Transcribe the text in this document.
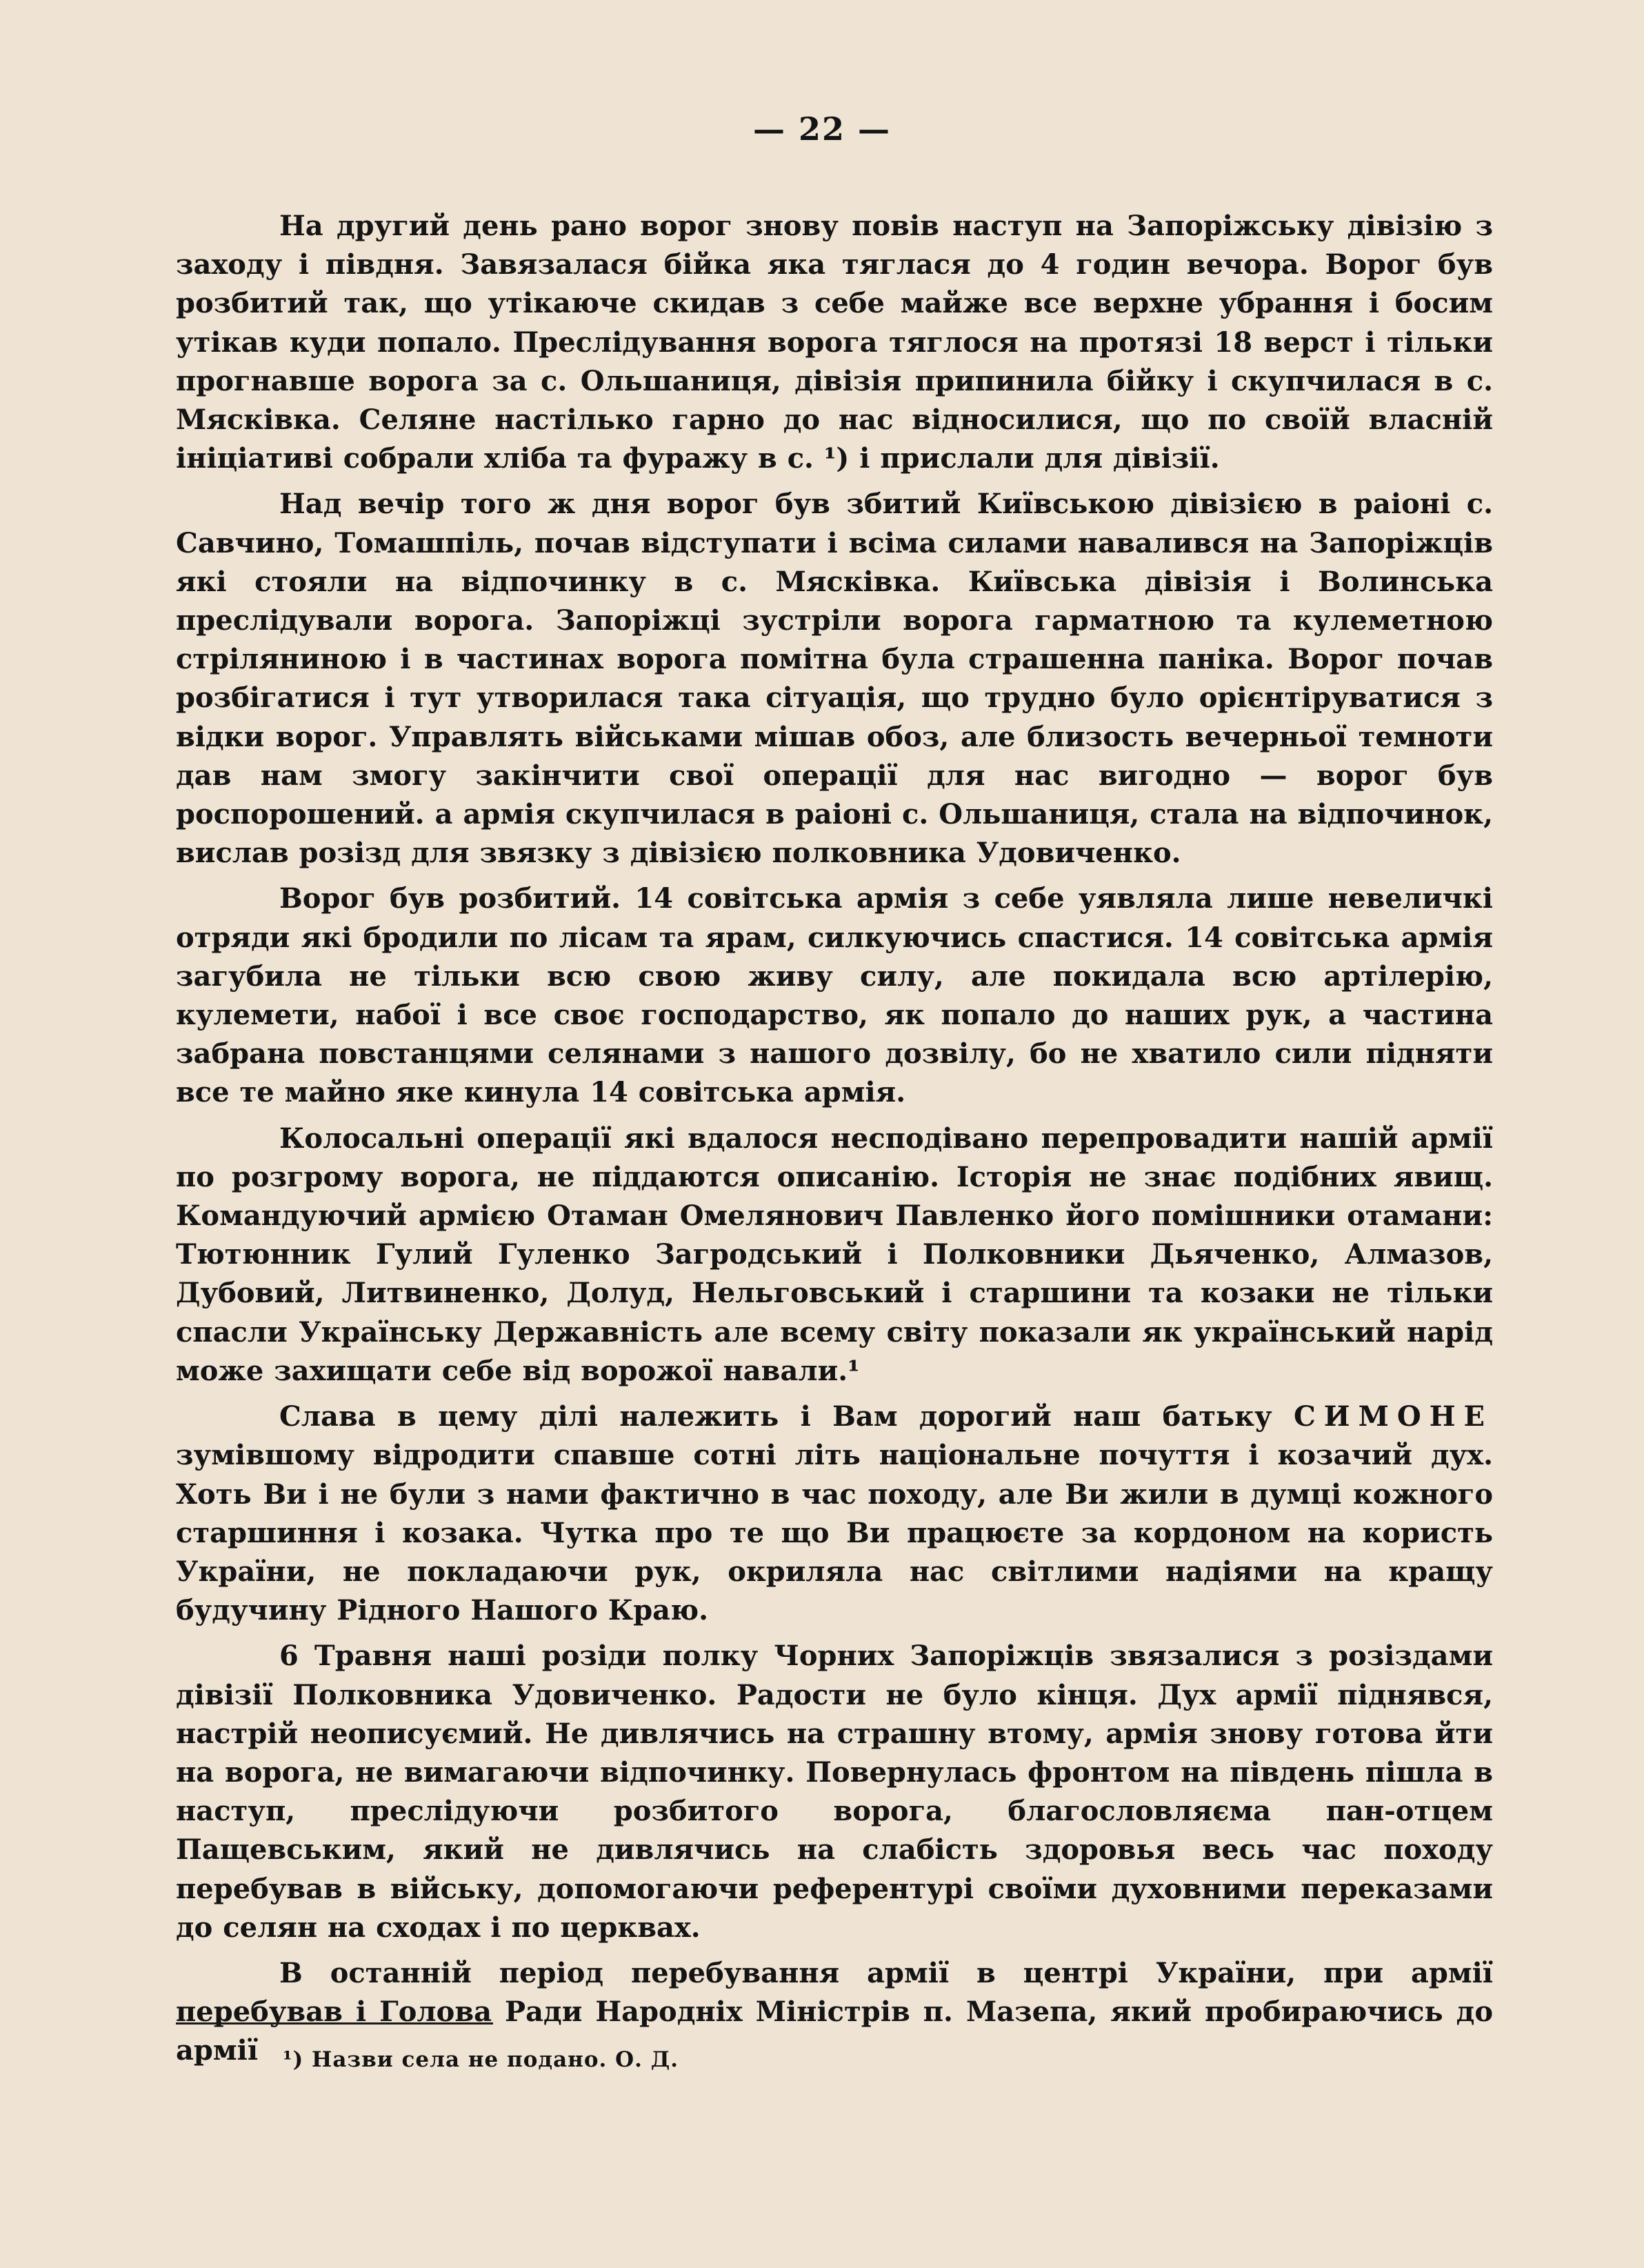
— 22 —

На другий день рано ворог знову повів наступ на Запоріжську дівізію з заходу і півдня. Завязалася бійка яка тяглася до 4 годин вечора. Ворог був розбитий так, що утікаюче скидав з себе майже все верхне убрання і босим утікав куди попало. Преслідування ворога тяглося на протязі 18 верст і тільки прогнавше ворога за с. Ольшаниця, дівізія припинила бійку і скупчилася в с. Мясківка. Селяне настілько гарно до нас відносилися, що по своїй власній ініціативі собрали хліба та фуражу в с. ¹) і прислали для дівізії.

Над вечір того ж дня ворог був збитий Київською дівізією в раіоні с. Савчино, Томашпіль, почав відступати і всіма силами навалився на Запоріжців які стояли на відпочинку в с. Мясківка. Київська дівізія і Волинська преслідували ворога. Запоріжці зустріли ворога гарматною та кулеметною стріляниною і в частинах ворога помітна була страшенна паніка. Ворог почав розбігатися і тут утворилася така сітуація, що трудно було орієнтіруватися з відки ворог. Управлять військами мішав обоз, але близость вечерньої темноти дав нам змогу закінчити свої операції для нас вигодно — ворог був роспорошений. а армія скупчилася в раіоні с. Ольшаниця, стала на відпочинок, вислав розізд для звязку з дівізією полковника Удовиченко.

Ворог був розбитий. 14 совітська армія з себе уявляла лише невеличкі отряди які бродили по лісам та ярам, силкуючись спастися. 14 совітська армія загубила не тільки всю свою живу силу, але покидала всю артілерію, кулемети, набої і все своє господарство, як попало до наших рук, а частина забрана повстанцями селянами з нашого дозвілу, бо не хватило сили підняти все те майно яке кинула 14 совітська армія.

Колосальні операції які вдалося несподівано перепровадити нашій армії по розгрому ворога, не піддаются описанію. Історія не знає подібних явищ. Командуючий армією Отаман Омелянович Павленко його помішники отамани: Тютюнник Гулий Гуленко Загродський і Полковники Дьяченко, Алмазов, Дубовий, Литвиненко, Долуд, Нельговський і старшини та козаки не тільки спасли Українську Державність але всему світу показали як український нарід може захищати себе від ворожої навали.¹

Слава в цему ділі належить і Вам дорогий наш батьку СИМОНЕ зумівшому відродити спавше сотні літь національне почуття і козачий дух. Хоть Ви і не були з нами фактично в час походу, але Ви жили в думці кожного старшиння і козака. Чутка про те що Ви працюєте за кордоном на користь України, не покладаючи рук, окриляла нас світлими надіями на кращу будучину Рідного Нашого Краю.

6 Травня наші розіди полку Чорних Запоріжців звязалися з розіздами дівізії Полковника Удовиченко. Радости не було кінця. Дух армії піднявся, настрій неописуємий. Не дивлячись на страшну втому, армія знову готова йти на ворога, не вимагаючи відпочинку. Повернулась фронтом на південь пішла в наступ, преслідуючи розбитого ворога, благословляєма пан-отцем Пащевським, який не дивлячись на слабість здоровья весь час походу перебував в війську, допомогаючи референтурі своїми духовними переказами до селян на сходах і по церквах.

В останній період перебування армії в центрі України, при армії перебував і Голова Ради Народніх Міністрів п. Мазепа, який пробираючись до армії	¹) Назви села не подано. О. Д.
